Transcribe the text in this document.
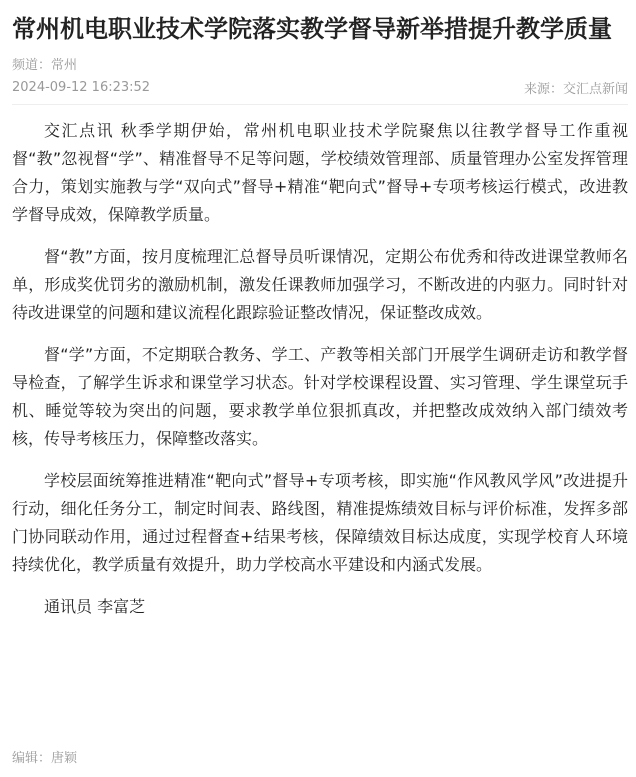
常州机电职业技术学院落实教学督导新举措提升教学质量
频道：常州
2024-09-12 16:23:52	来源：交汇点新闻

交汇点讯 秋季学期伊始，常州机电职业技术学院聚焦以往教学督导工作重视督“教”忽视督“学”、精准督导不足等问题，学校绩效管理部、质量管理办公室发挥管理合力，策划实施教与学“双向式”督导+精准“靶向式”督导+专项考核运行模式，改进教学督导成效，保障教学质量。

督“教”方面，按月度梳理汇总督导员听课情况，定期公布优秀和待改进课堂教师名单，形成奖优罚劣的激励机制，激发任课教师加强学习，不断改进的内驱力。同时针对待改进课堂的问题和建议流程化跟踪验证整改情况，保证整改成效。

督“学”方面，不定期联合教务、学工、产教等相关部门开展学生调研走访和教学督导检查，了解学生诉求和课堂学习状态。针对学校课程设置、实习管理、学生课堂玩手机、睡觉等较为突出的问题，要求教学单位狠抓真改，并把整改成效纳入部门绩效考核，传导考核压力，保障整改落实。

学校层面统筹推进精准“靶向式”督导+专项考核，即实施“作风教风学风”改进提升行动，细化任务分工，制定时间表、路线图，精准提炼绩效目标与评价标准，发挥多部门协同联动作用，通过过程督查+结果考核，保障绩效目标达成度，实现学校育人环境持续优化，教学质量有效提升，助力学校高水平建设和内涵式发展。

通讯员 李富芝

编辑：唐颖
